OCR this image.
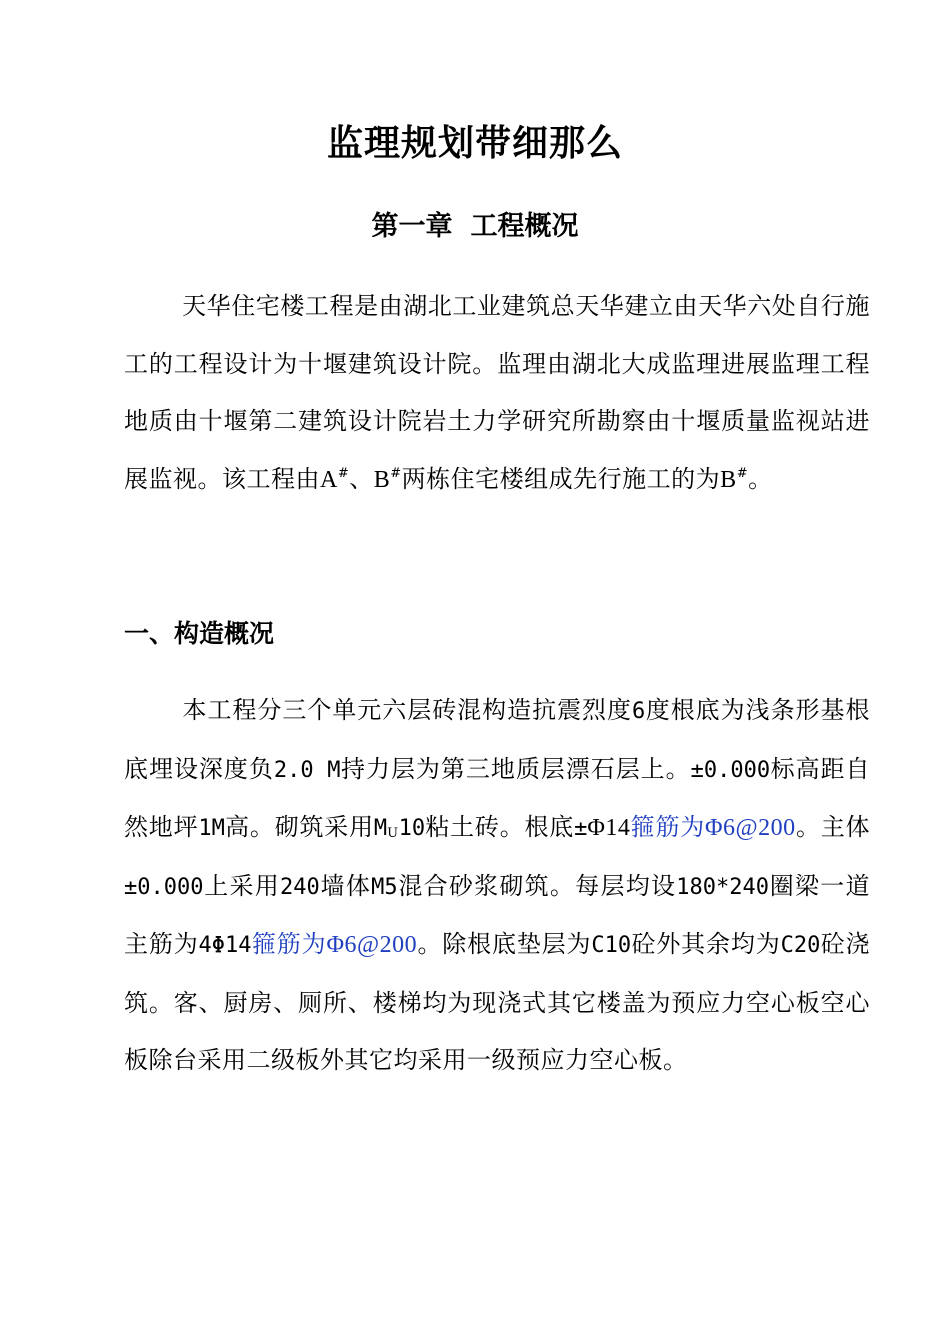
监理规划带细那么
第一章 工程概况

天华住宅楼工程是由湖北工业建筑总天华建立由天华六处自行施工的工程设计为十堰建筑设计院。监理由湖北大成监理进展监理工程地质由十堰第二建筑设计院岩土力学研究所勘察由十堰质量监视站进展监视。该工程由A#、B#两栋住宅楼组成先行施工的为B#。

一、构造概况

本工程分三个单元六层砖混构造抗震烈度6度根底为浅条形基根底埋设深度负2.0 M持力层为第三地质层漂石层上。±0.000标高距自然地坪1M高。砌筑采用$M_U10$粘土砖。根底±Φ14箍筋为Φ6@200。主体±0.000上采用240墙体M5混合砂浆砌筑。每层均设180*240圈梁一道主筋为4Φ14箍筋为Φ6@200。除根底垫层为C10砼外其余均为C20砼浇筑。客、厨房、厕所、楼梯均为现浇式其它楼盖为预应力空心板空心板除台采用二级板外其它均采用一级预应力空心板。
